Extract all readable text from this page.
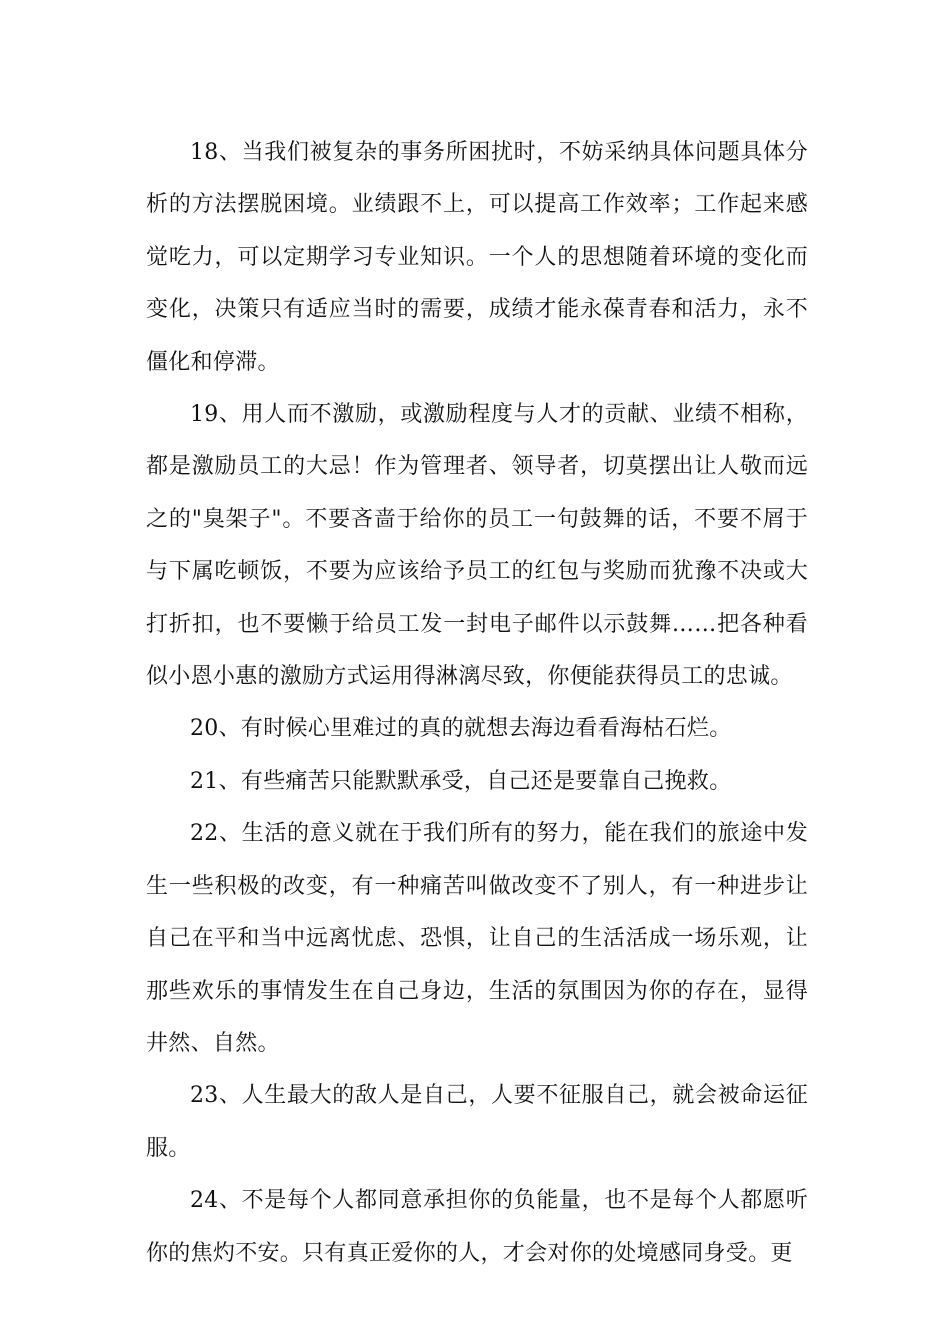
18、当我们被复杂的事务所困扰时，不妨采纳具体问题具体分析的方法摆脱困境。业绩跟不上，可以提高工作效率；工作起来感觉吃力，可以定期学习专业知识。一个人的思想随着环境的变化而变化，决策只有适应当时的需要，成绩才能永葆青春和活力，永不僵化和停滞。

19、用人而不激励，或激励程度与人才的贡献、业绩不相称，都是激励员工的大忌！作为管理者、领导者，切莫摆出让人敬而远之的"臭架子"。不要吝啬于给你的员工一句鼓舞的话，不要不屑于与下属吃顿饭，不要为应该给予员工的红包与奖励而犹豫不决或大打折扣，也不要懒于给员工发一封电子邮件以示鼓舞……把各种看似小恩小惠的激励方式运用得淋漓尽致，你便能获得员工的忠诚。

20、有时候心里难过的真的就想去海边看看海枯石烂。

21、有些痛苦只能默默承受，自己还是要靠自己挽救。

22、生活的意义就在于我们所有的努力，能在我们的旅途中发生一些积极的改变，有一种痛苦叫做改变不了别人，有一种进步让自己在平和当中远离忧虑、恐惧，让自己的生活活成一场乐观，让那些欢乐的事情发生在自己身边，生活的氛围因为你的存在，显得井然、自然。

23、人生最大的敌人是自己，人要不征服自己，就会被命运征服。

24、不是每个人都同意承担你的负能量，也不是每个人都愿听你的焦灼不安。只有真正爱你的人，才会对你的处境感同身受。更
